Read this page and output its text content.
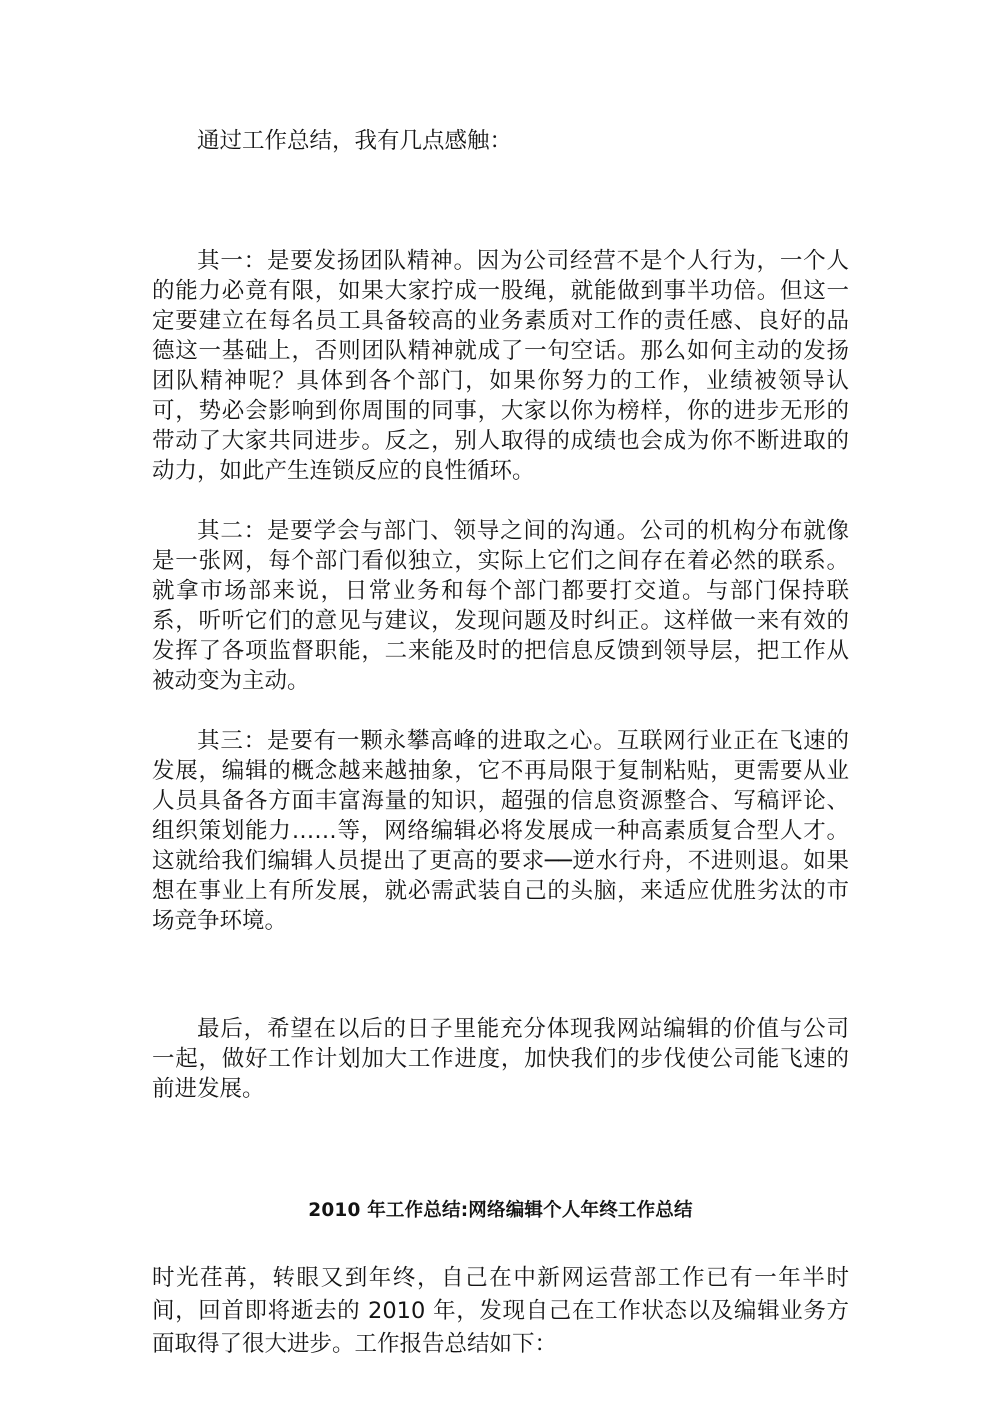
通过工作总结，我有几点感触：

其一：是要发扬团队精神。因为公司经营不是个人行为，一个人的能力必竟有限，如果大家拧成一股绳，就能做到事半功倍。但这一定要建立在每名员工具备较高的业务素质对工作的责任感、良好的品德这一基础上，否则团队精神就成了一句空话。那么如何主动的发扬团队精神呢？具体到各个部门，如果你努力的工作，业绩被领导认可，势必会影响到你周围的同事，大家以你为榜样，你的进步无形的带动了大家共同进步。反之，别人取得的成绩也会成为你不断进取的动力，如此产生连锁反应的良性循环。

其二：是要学会与部门、领导之间的沟通。公司的机构分布就像是一张网，每个部门看似独立，实际上它们之间存在着必然的联系。就拿市场部来说，日常业务和每个部门都要打交道。与部门保持联系，听听它们的意见与建议，发现问题及时纠正。这样做一来有效的发挥了各项监督职能，二来能及时的把信息反馈到领导层，把工作从被动变为主动。

其三：是要有一颗永攀高峰的进取之心。互联网行业正在飞速的发展，编辑的概念越来越抽象，它不再局限于复制粘贴，更需要从业人员具备各方面丰富海量的知识，超强的信息资源整合、写稿评论、组织策划能力……等，网络编辑必将发展成一种高素质复合型人才。这就给我们编辑人员提出了更高的要求──逆水行舟，不进则退。如果想在事业上有所发展，就必需武装自己的头脑，来适应优胜劣汰的市场竞争环境。

最后，希望在以后的日子里能充分体现我网站编辑的价值与公司一起，做好工作计划加大工作进度，加快我们的步伐使公司能飞速的前进发展。

2010 年工作总结:网络编辑个人年终工作总结

时光荏苒，转眼又到年终，自己在中新网运营部工作已有一年半时间，回首即将逝去的 2010 年，发现自己在工作状态以及编辑业务方面取得了很大进步。工作报告总结如下：
